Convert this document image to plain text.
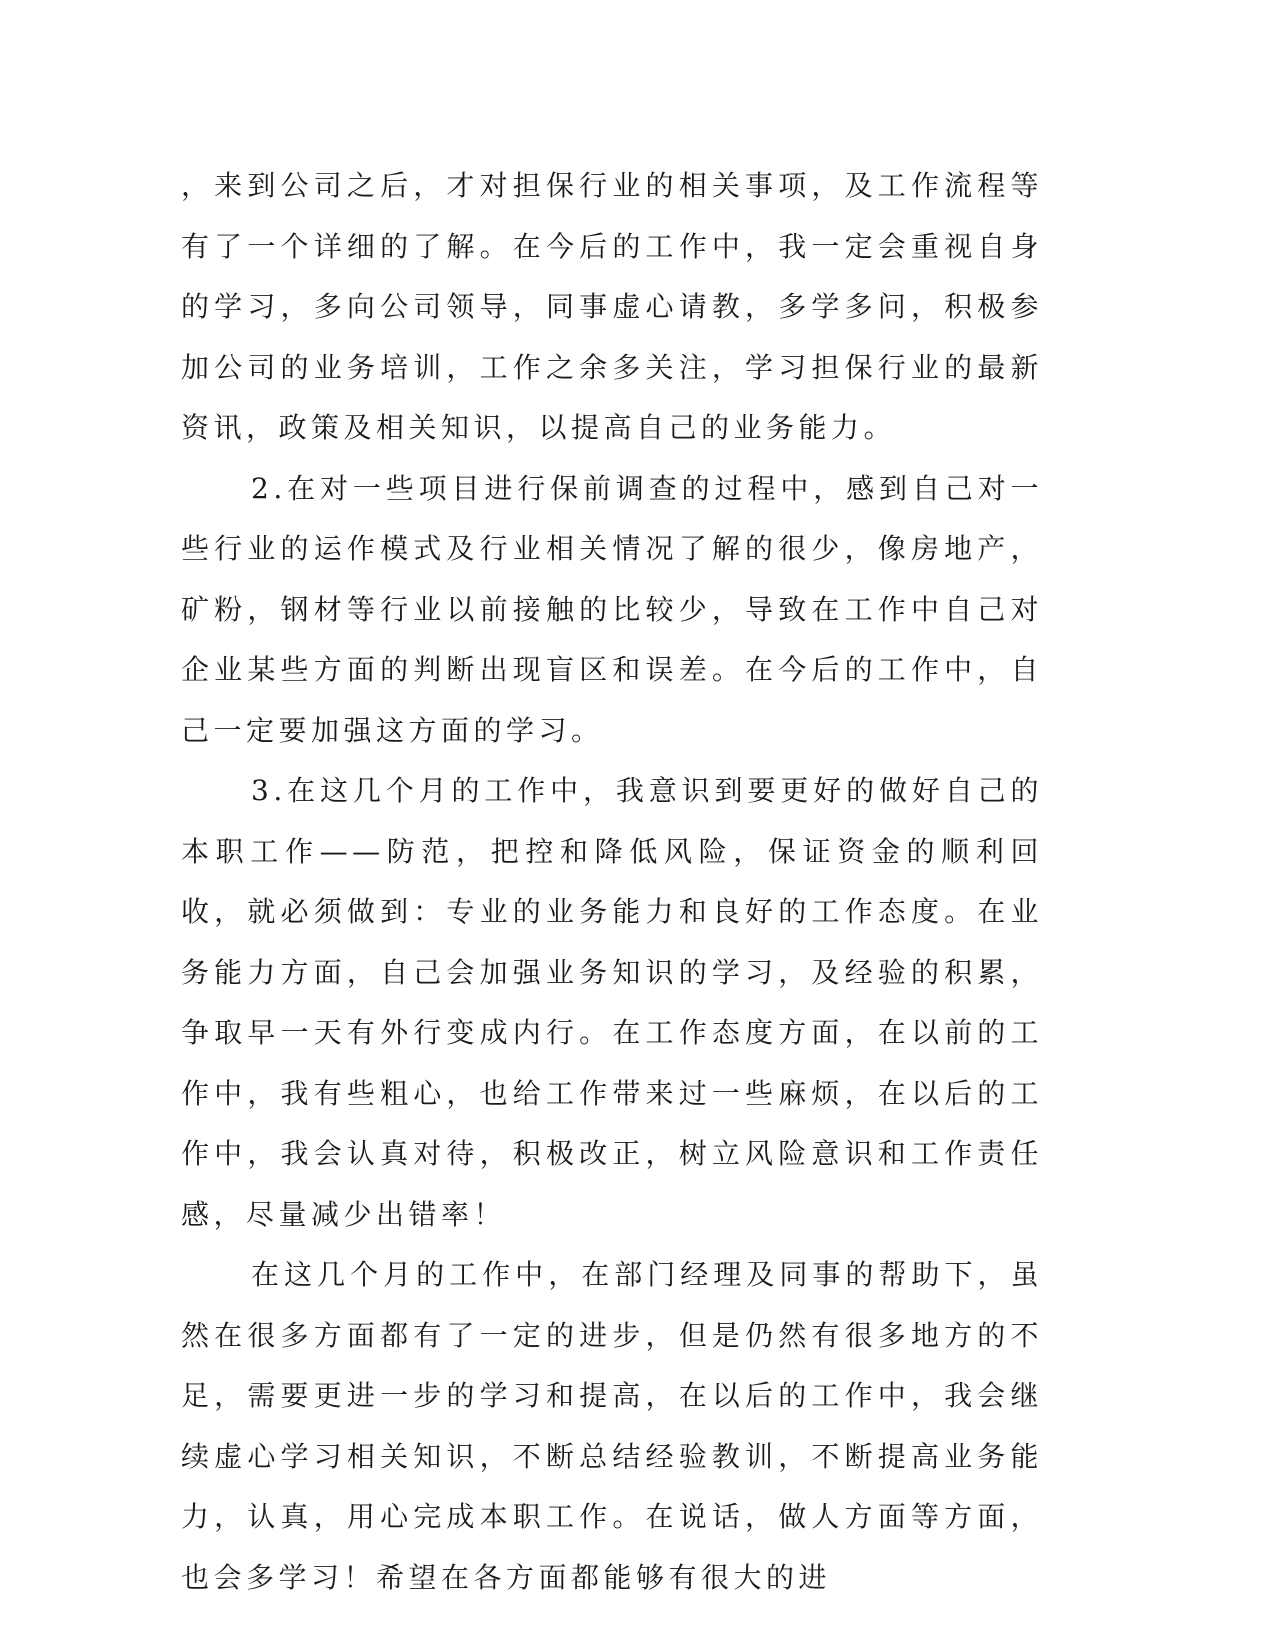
，来到公司之后，才对担保行业的相关事项，及工作流程等有了一个详细的了解。在今后的工作中，我一定会重视自身的学习，多向公司领导，同事虚心请教，多学多问，积极参加公司的业务培训，工作之余多关注，学习担保行业的最新资讯，政策及相关知识，以提高自己的业务能力。

2.在对一些项目进行保前调查的过程中，感到自己对一些行业的运作模式及行业相关情况了解的很少，像房地产，矿粉，钢材等行业以前接触的比较少，导致在工作中自己对企业某些方面的判断出现盲区和误差。在今后的工作中，自己一定要加强这方面的学习。

3.在这几个月的工作中，我意识到要更好的做好自己的本职工作——防范，把控和降低风险，保证资金的顺利回收，就必须做到：专业的业务能力和良好的工作态度。在业务能力方面，自己会加强业务知识的学习，及经验的积累，争取早一天有外行变成内行。在工作态度方面，在以前的工作中，我有些粗心，也给工作带来过一些麻烦，在以后的工作中，我会认真对待，积极改正，树立风险意识和工作责任感，尽量减少出错率！

在这几个月的工作中，在部门经理及同事的帮助下，虽然在很多方面都有了一定的进步，但是仍然有很多地方的不足，需要更进一步的学习和提高，在以后的工作中，我会继续虚心学习相关知识，不断总结经验教训，不断提高业务能力，认真，用心完成本职工作。在说话，做人方面等方面，也会多学习！希望在各方面都能够有很大的进
